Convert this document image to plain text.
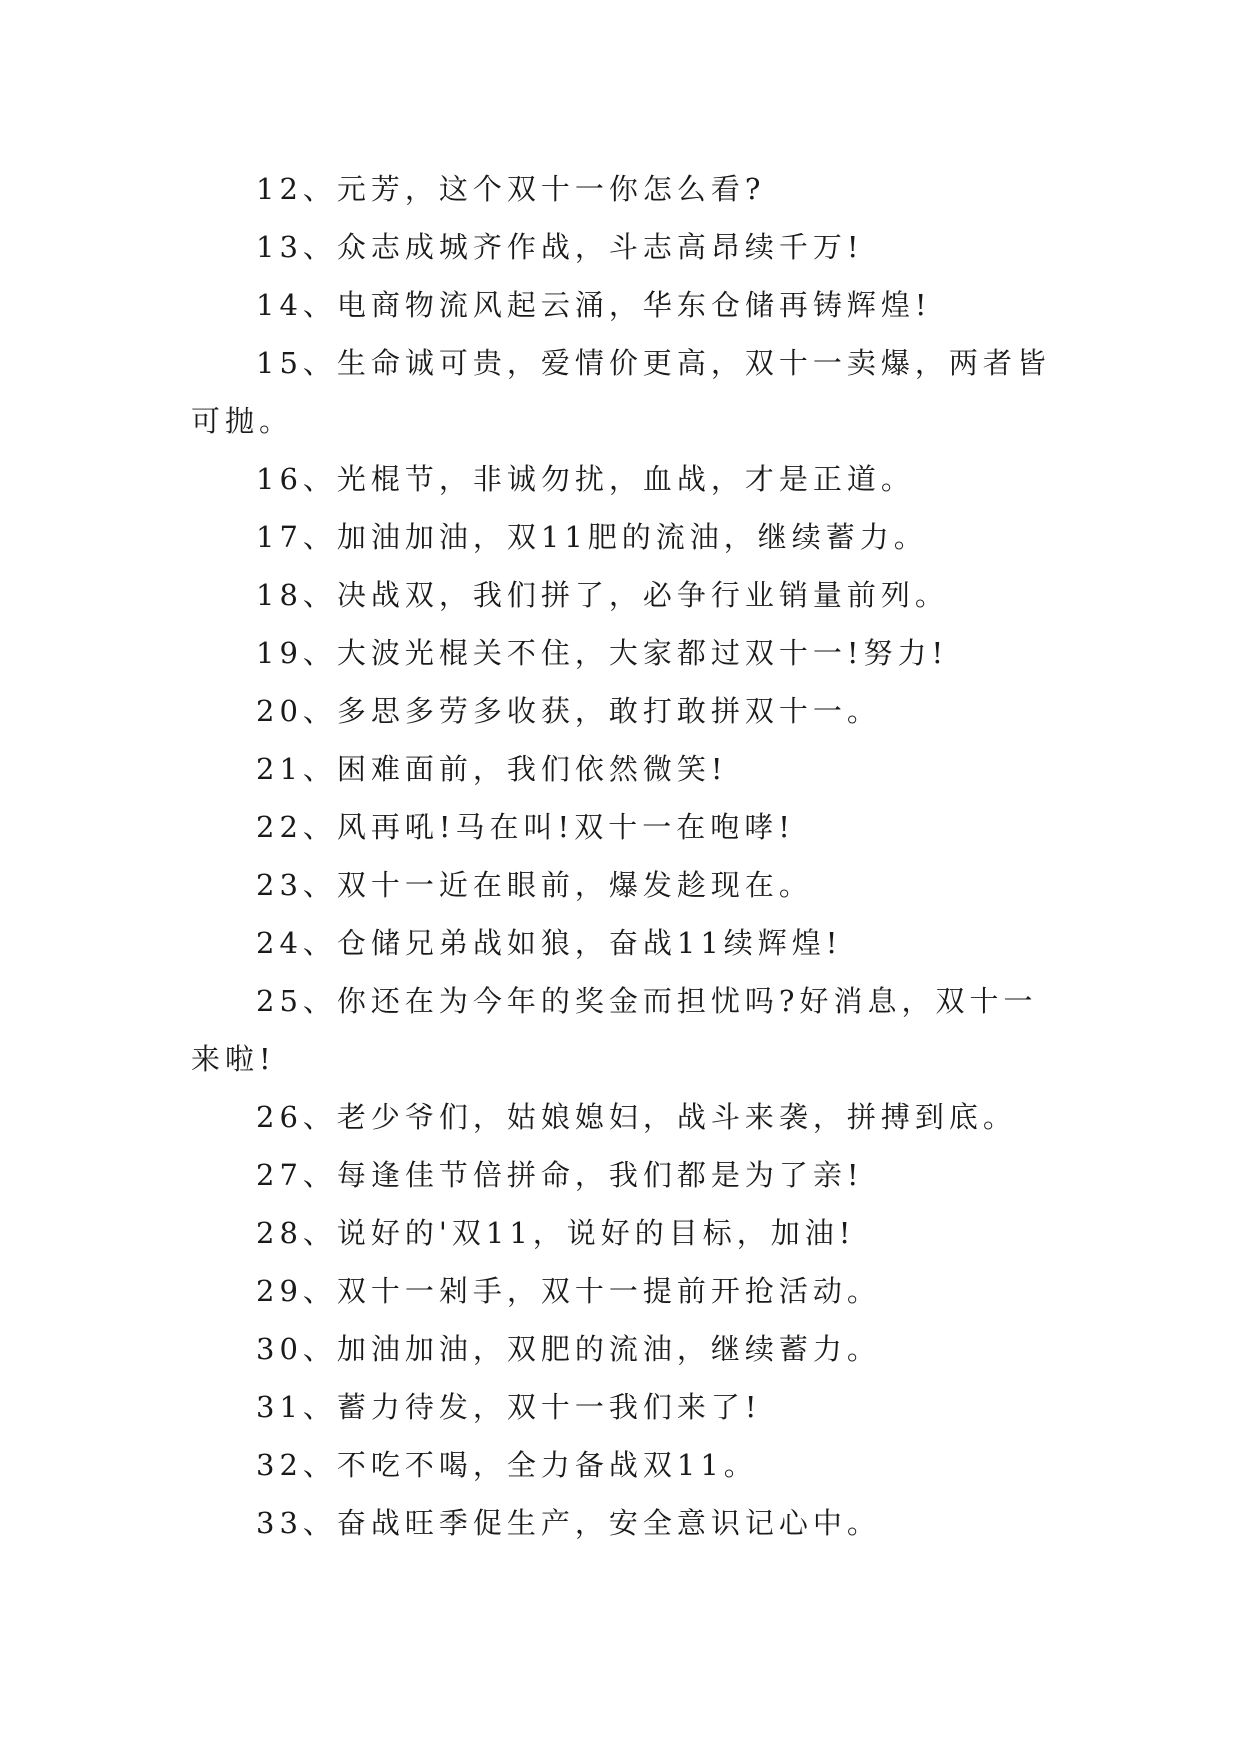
12、元芳，这个双十一你怎么看?

13、众志成城齐作战，斗志高昂续千万!

14、电商物流风起云涌，华东仓储再铸辉煌!

15、生命诚可贵，爱情价更高，双十一卖爆，两者皆可抛。

16、光棍节，非诚勿扰，血战，才是正道。

17、加油加油，双11肥的流油，继续蓄力。

18、决战双，我们拼了，必争行业销量前列。

19、大波光棍关不住，大家都过双十一!努力!

20、多思多劳多收获，敢打敢拼双十一。

21、困难面前，我们依然微笑!

22、风再吼!马在叫!双十一在咆哮!

23、双十一近在眼前，爆发趁现在。

24、仓储兄弟战如狼，奋战11续辉煌!

25、你还在为今年的奖金而担忧吗?好消息，双十一来啦!

26、老少爷们，姑娘媳妇，战斗来袭，拼搏到底。

27、每逢佳节倍拼命，我们都是为了亲!

28、说好的'双11，说好的目标，加油!

29、双十一剁手，双十一提前开抢活动。

30、加油加油，双肥的流油，继续蓄力。

31、蓄力待发，双十一我们来了!

32、不吃不喝，全力备战双11。

33、奋战旺季促生产，安全意识记心中。
